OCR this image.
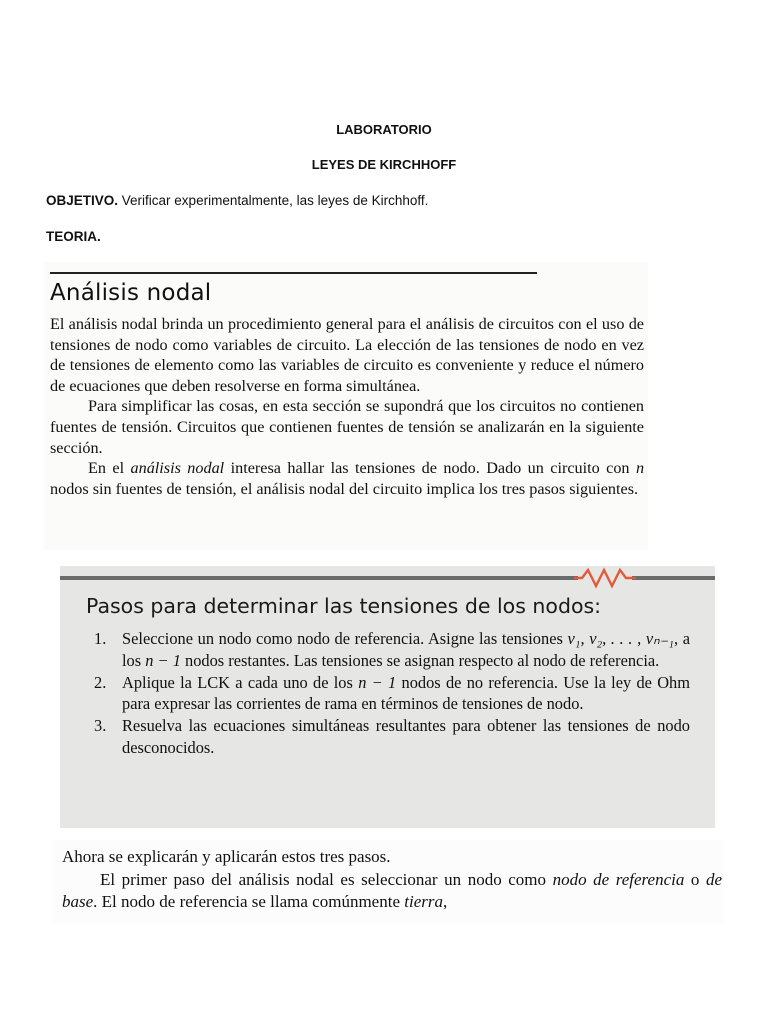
LABORATORIO
LEYES DE KIRCHHOFF
OBJETIVO. Verificar experimentalmente, las leyes de Kirchhoff.
TEORIA.
Análisis nodal

El análisis nodal brinda un procedimiento general para el análisis de circuitos con el uso de tensiones de nodo como variables de circuito. La elección de las tensiones de nodo en vez de tensiones de elemento como las variables de circuito es conveniente y reduce el número de ecuaciones que deben resolverse en forma simultánea.

Para simplificar las cosas, en esta sección se supondrá que los circuitos no contienen fuentes de tensión. Circuitos que contienen fuentes de tensión se analizarán en la siguiente sección.

En el análisis nodal interesa hallar las tensiones de nodo. Dado un circuito con n nodos sin fuentes de tensión, el análisis nodal del circuito implica los tres pasos siguientes.

Pasos para determinar las tensiones de los nodos:
1. Seleccione un nodo como nodo de referencia. Asigne las tensiones v₁, v₂, . . . , vₙ₋₁, a los n − 1 nodos restantes. Las tensiones se asignan respecto al nodo de referencia.
2. Aplique la LCK a cada uno de los n − 1 nodos de no referencia. Use la ley de Ohm para expresar las corrientes de rama en términos de tensiones de nodo.
3. Resuelva las ecuaciones simultáneas resultantes para obtener las tensiones de nodo desconocidos.

Ahora se explicarán y aplicarán estos tres pasos.

El primer paso del análisis nodal es seleccionar un nodo como nodo de referencia o de base. El nodo de referencia se llama comúnmente tierra,
